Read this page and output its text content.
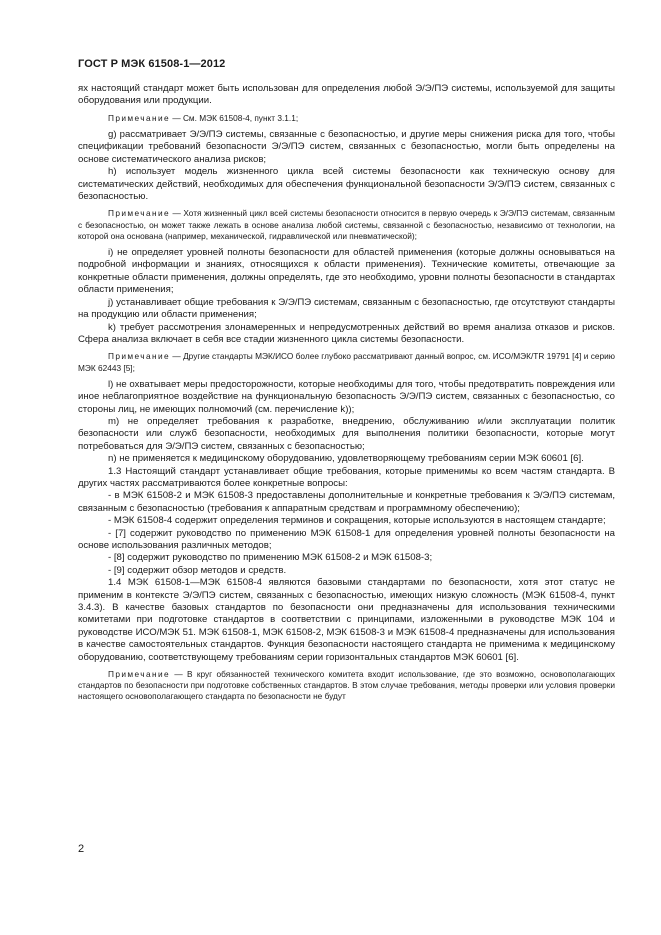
ГОСТ Р МЭК 61508-1—2012

ях настоящий стандарт может быть использован для определения любой Э/Э/ПЭ системы, используемой для защиты оборудования или продукции.

Примечание — См. МЭК 61508-4, пункт 3.1.1;

g) рассматривает Э/Э/ПЭ системы, связанные с безопасностью, и другие меры снижения риска для того, чтобы спецификации требований безопасности Э/Э/ПЭ систем, связанных с безопасностью, могли быть определены на основе систематического анализа рисков;

h) использует модель жизненного цикла всей системы безопасности как техническую основу для систематических действий, необходимых для обеспечения функциональной безопасности Э/Э/ПЭ систем, связанных с безопасностью.

Примечание — Хотя жизненный цикл всей системы безопасности относится в первую очередь к Э/Э/ПЭ системам, связанным с безопасностью, он может также лежать в основе анализа любой системы, связанной с безопасностью, независимо от технологии, на которой она основана (например, механической, гидравлической или пневматической);

i) не определяет уровней полноты безопасности для областей применения (которые должны основываться на подробной информации и знаниях, относящихся к области применения). Технические комитеты, отвечающие за конкретные области применения, должны определять, где это необходимо, уровни полноты безопасности в стандартах области применения;

j) устанавливает общие требования к Э/Э/ПЭ системам, связанным с безопасностью, где отсутствуют стандарты на продукцию или области применения;

k) требует рассмотрения злонамеренных и непредусмотренных действий во время анализа отказов и рисков. Сфера анализа включает в себя все стадии жизненного цикла системы безопасности.

Примечание — Другие стандарты МЭК/ИСО более глубоко рассматривают данный вопрос, см. ИСО/МЭК/TR 19791 [4] и серию МЭК 62443 [5];

l) не охватывает меры предосторожности, которые необходимы для того, чтобы предотвратить повреждения или иное неблагоприятное воздействие на функциональную безопасность Э/Э/ПЭ систем, связанных с безопасностью, со стороны лиц, не имеющих полномочий (см. перечисление k));

m) не определяет требования к разработке, внедрению, обслуживанию и/или эксплуатации политик безопасности или служб безопасности, необходимых для выполнения политики безопасности, которые могут потребоваться для Э/Э/ПЭ систем, связанных с безопасностью;

n) не применяется к медицинскому оборудованию, удовлетворяющему требованиям серии МЭК 60601 [6].

1.3 Настоящий стандарт устанавливает общие требования, которые применимы ко всем частям стандарта. В других частях рассматриваются более конкретные вопросы:

- в МЭК 61508-2 и МЭК 61508-3 предоставлены дополнительные и конкретные требования к Э/Э/ПЭ системам, связанным с безопасностью (требования к аппаратным средствам и программному обеспечению);

- МЭК 61508-4 содержит определения терминов и сокращения, которые используются в настоящем стандарте;

- [7] содержит руководство по применению МЭК 61508-1 для определения уровней полноты безопасности на основе использования различных методов;

- [8] содержит руководство по применению МЭК 61508-2 и МЭК 61508-3;

- [9] содержит обзор методов и средств.

1.4 МЭК 61508-1—МЭК 61508-4 являются базовыми стандартами по безопасности, хотя этот статус не применим в контексте Э/Э/ПЭ систем, связанных с безопасностью, имеющих низкую сложность (МЭК 61508-4, пункт 3.4.3). В качестве базовых стандартов по безопасности они предназначены для использования техническими комитетами при подготовке стандартов в соответствии с принципами, изложенными в руководстве МЭК 104 и руководстве ИСО/МЭК 51. МЭК 61508-1, МЭК 61508-2, МЭК 61508-3 и МЭК 61508-4 предназначены для использования в качестве самостоятельных стандартов. Функция безопасности настоящего стандарта не применима к медицинскому оборудованию, соответствующему требованиям серии горизонтальных стандартов МЭК 60601 [6].

Примечание — В круг обязанностей технического комитета входит использование, где это возможно, основополагающих стандартов по безопасности при подготовке собственных стандартов. В этом случае требования, методы проверки или условия проверки настоящего основополагающего стандарта по безопасности не будут

2
